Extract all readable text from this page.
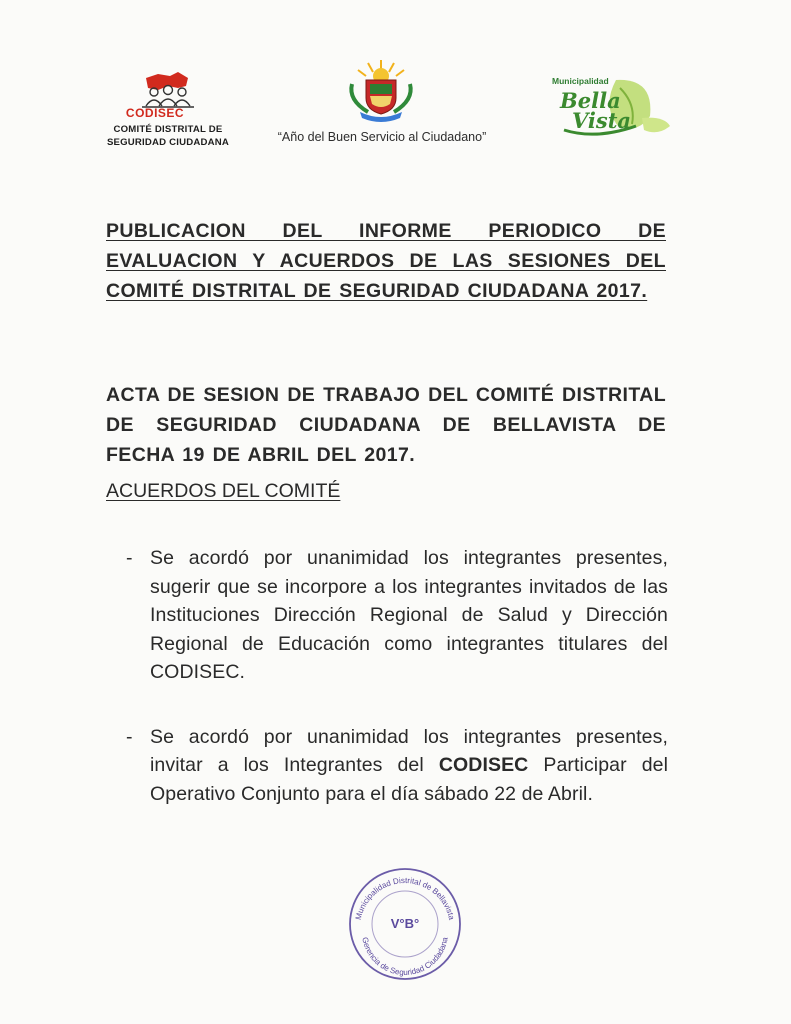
CODISEC
COMITÉ DISTRITAL DE
SEGURIDAD CIUDADANA	“Año del Buen Servicio al Ciudadano”
Municipalidad
Bella
Vista

PUBLICACION DEL INFORME PERIODICO DE EVALUACION Y ACUERDOS DE LAS SESIONES DEL COMITÉ DISTRITAL DE SEGURIDAD CIUDADANA 2017.

ACTA DE SESION DE TRABAJO DEL COMITÉ DISTRITAL DE SEGURIDAD CIUDADANA DE BELLAVISTA DE FECHA 19 DE ABRIL DEL 2017.

ACUERDOS DEL COMITÉ

- Se acordó por unanimidad los integrantes presentes, sugerir que se incorpore a los integrantes invitados de las Instituciones Dirección Regional de Salud y Dirección Regional de Educación como integrantes titulares del CODISEC.

- Se acordó por unanimidad los integrantes presentes, invitar a los Integrantes del CODISEC Participar del Operativo Conjunto para el día sábado 22 de Abril.

Municipalidad Distrital de Bellavista
Gerencia de Seguridad Ciudadana
V°B°
